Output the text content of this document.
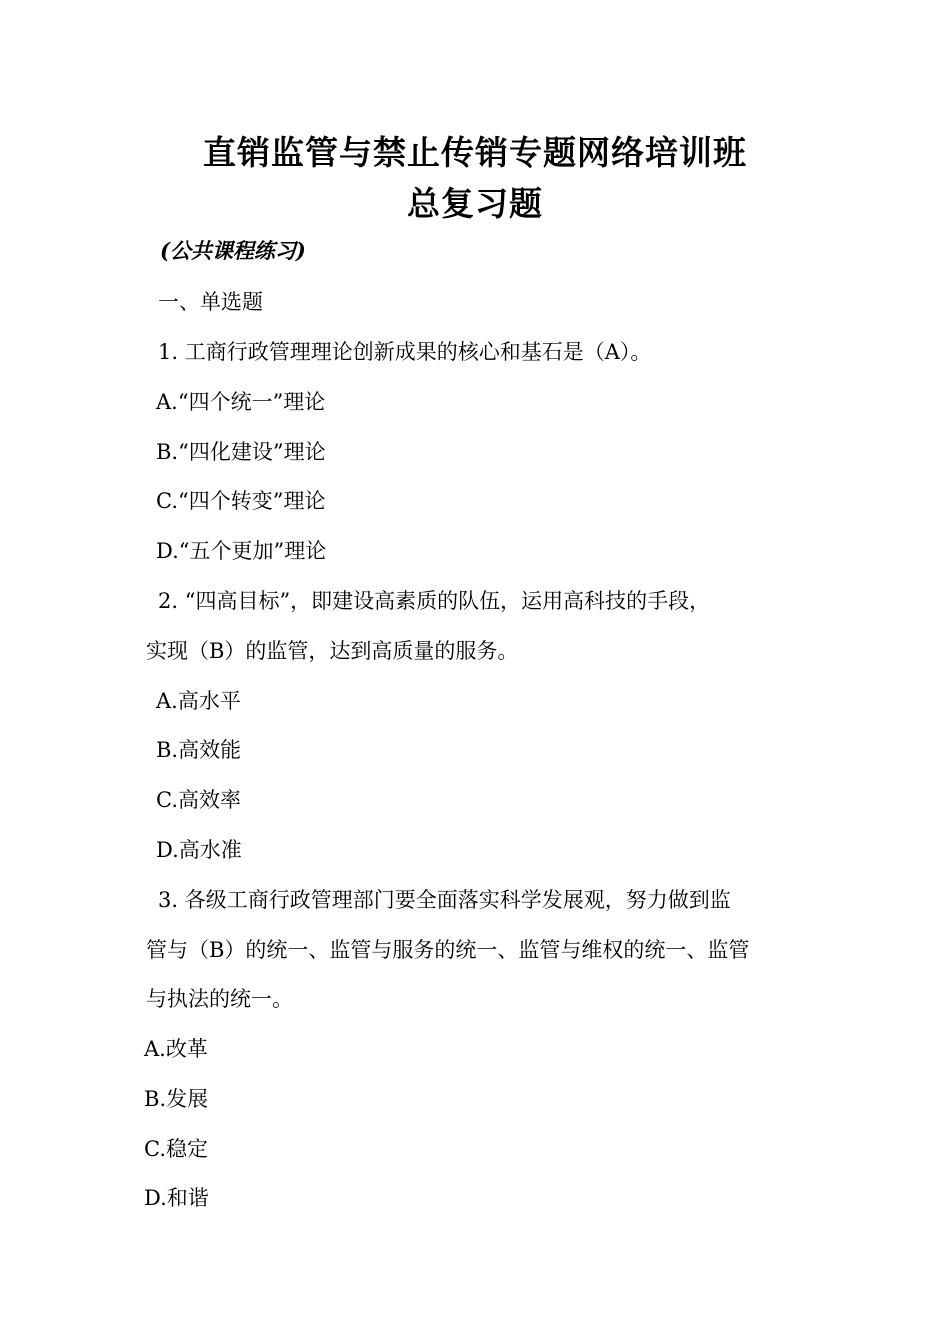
直销监管与禁止传销专题网络培训班
总复习题
(公共课程练习)
一、单选题
1. 工商行政管理理论创新成果的核心和基石是（A）。
A.“四个统一”理论
B.“四化建设”理论
C.“四个转变”理论
D.“五个更加”理论
2. “四高目标”，即建设高素质的队伍，运用高科技的手段，
实现（B）的监管，达到高质量的服务。
A.高水平
B.高效能
C.高效率
D.高水准
3. 各级工商行政管理部门要全面落实科学发展观，努力做到监
管与（B）的统一、监管与服务的统一、监管与维权的统一、监管
与执法的统一。
A.改革
B.发展
C.稳定
D.和谐
